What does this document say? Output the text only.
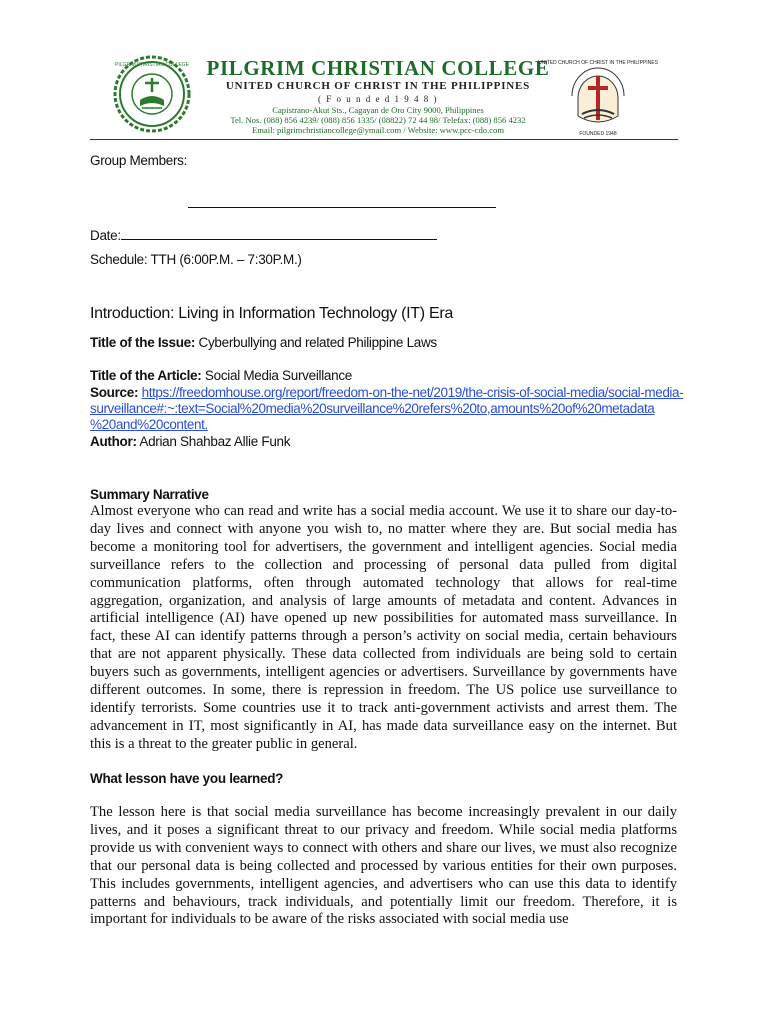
PILGRIM CHRISTIAN COLLEGE PILGRIM CHRISTIAN COLLEGE
UNITED CHURCH OF CHRIST IN THE PHILIPPINES
( F o u n d e d 1 9 4 8 )
Capistrano-Akut Sts., Cagayan de Oro City 9000, Philippines
Tel. Nos. (088) 856 4239/ (088) 856 1335/ (08822) 72 44 98/ Telefax: (088) 856 4232
Email: pilgrimchristiancollege@ymail.com / Website: www.pcc-cdo.com
UNITED CHURCH OF CHRIST IN THE PHILIPPINES
FOUNDED 1948
Group Members:
Date:
Schedule: TTH (6:00P.M. – 7:30P.M.)
Introduction: Living in Information Technology (IT) Era
Title of the Issue: Cyberbullying and related Philippine Laws
Title of the Article: Social Media Surveillance
Source: https://freedomhouse.org/report/freedom-on-the-net/2019/the-crisis-of-social-media/social-media-
surveillance#:~:text=Social%20media%20surveillance%20refers%20to,amounts%20of%20metadata
%20and%20content.
Author: Adrian Shahbaz Allie Funk
Summary Narrative
Almost everyone who can read and write has a social media account. We use it to share our day-to-day lives and connect with anyone you wish to, no matter where they are. But social media has become a monitoring tool for advertisers, the government and intelligent agencies. Social media surveillance refers to the collection and processing of personal data pulled from digital communication platforms, often through automated technology that allows for real-time aggregation, organization, and analysis of large amounts of metadata and content. Advances in artificial intelligence (AI) have opened up new possibilities for automated mass surveillance. In fact, these AI can identify patterns through a person’s activity on social media, certain behaviours that are not apparent physically. These data collected from individuals are being sold to certain buyers such as governments, intelligent agencies or advertisers. Surveillance by governments have different outcomes. In some, there is repression in freedom. The US police use surveillance to identify terrorists. Some countries use it to track anti-government activists and arrest them. The advancement in IT, most significantly in AI, has made data surveillance easy on the internet. But this is a threat to the greater public in general.
What lesson have you learned?
The lesson here is that social media surveillance has become increasingly prevalent in our daily lives, and it poses a significant threat to our privacy and freedom. While social media platforms provide us with convenient ways to connect with others and share our lives, we must also recognize that our personal data is being collected and processed by various entities for their own purposes. This includes governments, intelligent agencies, and advertisers who can use this data to identify patterns and behaviours, track individuals, and potentially limit our freedom. Therefore, it is important for individuals to be aware of the risks associated with social media use
